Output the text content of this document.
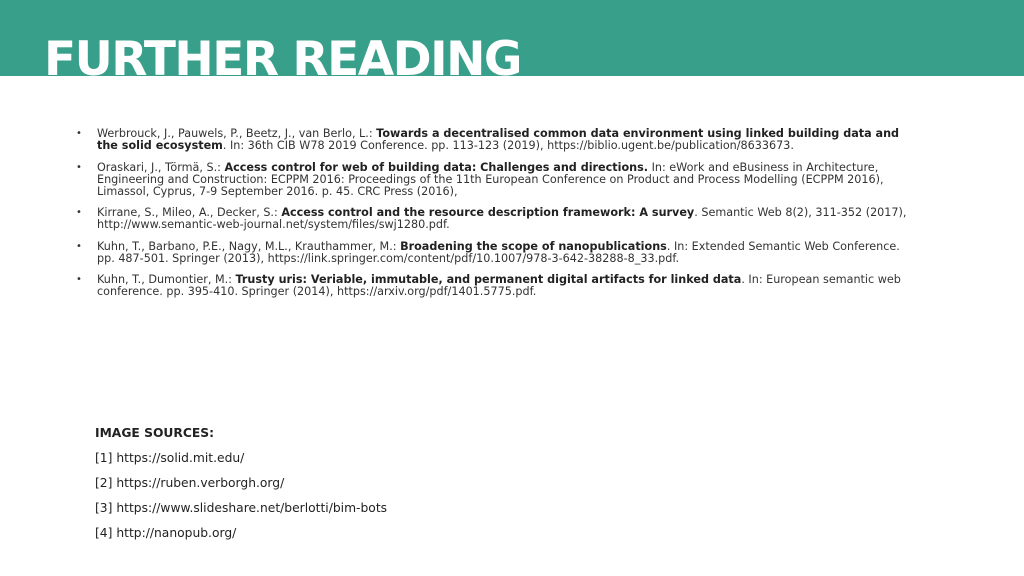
FURTHER READING
• Werbrouck, J., Pauwels, P., Beetz, J., van Berlo, L.: Towards a decentralised common data environment using linked building data and the solid ecosystem. In: 36th CIB W78 2019 Conference. pp. 113-123 (2019), https://biblio.ugent.be/publication/8633673.
• Oraskari, J., Törmä, S.: Access control for web of building data: Challenges and directions. In: eWork and eBusiness in Architecture, Engineering and Construction: ECPPM 2016: Proceedings of the 11th European Conference on Product and Process Modelling (ECPPM 2016), Limassol, Cyprus, 7-9 September 2016. p. 45. CRC Press (2016),
• Kirrane, S., Mileo, A., Decker, S.: Access control and the resource description framework: A survey. Semantic Web 8(2), 311-352 (2017), http://www.semantic-web-journal.net/system/files/swj1280.pdf.
• Kuhn, T., Barbano, P.E., Nagy, M.L., Krauthammer, M.: Broadening the scope of nanopublications. In: Extended Semantic Web Conference. pp. 487-501. Springer (2013), https://link.springer.com/content/pdf/10.1007/978-3-642-38288-8_33.pdf.
• Kuhn, T., Dumontier, M.: Trusty uris: Veriable, immutable, and permanent digital artifacts for linked data. In: European semantic web conference. pp. 395-410. Springer (2014), https://arxiv.org/pdf/1401.5775.pdf.
IMAGE SOURCES:
[1] https://solid.mit.edu/
[2] https://ruben.verborgh.org/
[3] https://www.slideshare.net/berlotti/bim-bots
[4] http://nanopub.org/
